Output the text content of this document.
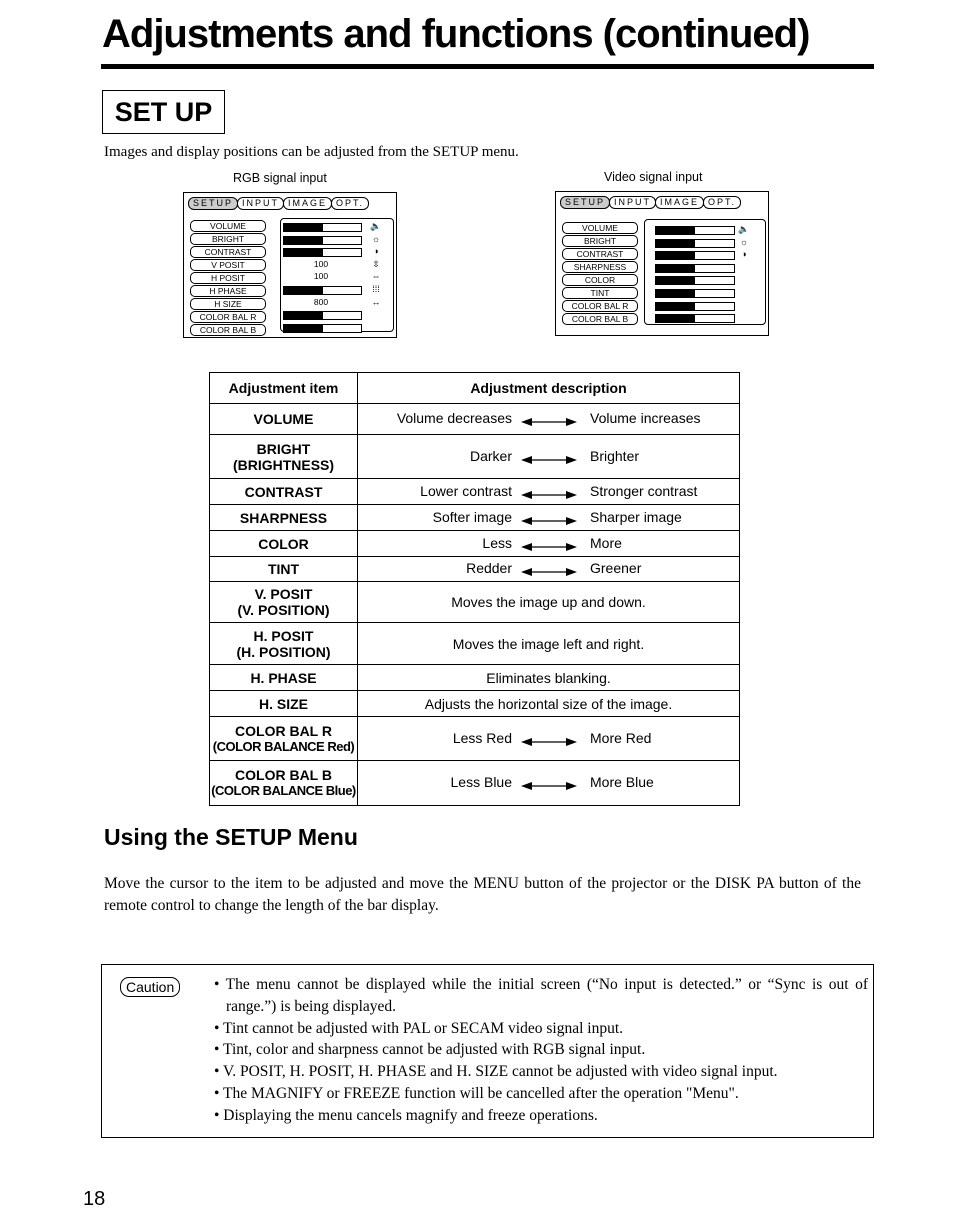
Adjustments and functions (continued)
SET UP
Images and display positions can be adjusted from the SETUP menu.
RGB signal input
SETUP	INPUT	IMAGE	OPT.
VOLUME
BRIGHT
CONTRAST
V POSIT
H POSIT
H PHASE
H SIZE
COLOR BAL R
COLOR BAL B
🔈
☼
◑
100	⇳
100	⇔
⁞⁞⁞
800	↔
Video signal input
SETUP	INPUT	IMAGE	OPT.
VOLUME
BRIGHT
CONTRAST
SHARPNESS
COLOR
TINT
COLOR BAL R
COLOR BAL B
🔈
☼
◑
Adjustment item	Adjustment description
VOLUME	Volume decreases Volume increases

BRIGHT
(BRIGHTNESS)	Darker Brighter

CONTRAST	Lower contrast Stronger contrast

SHARPNESS	Softer image Sharper image

COLOR	Less More

TINT	Redder Greener

V. POSIT
(V. POSITION)	Moves the image up and down.

H. POSIT
(H. POSITION)	Moves the image left and right.

H. PHASE	Eliminates blanking.

H. SIZE	Adjusts the horizontal size of the image.

COLOR BAL R
(COLOR BALANCE Red)	Less Red More Red

COLOR BAL B
(COLOR BALANCE Blue)	Less Blue More Blue
Using the SETUP Menu
Move the cursor to the item to be adjusted and move the MENU button of the projector or the DISK PA button of the remote control to change the length of the bar display.
Caution	• The menu cannot be displayed while the initial screen (“No input is detected.” or “Sync is out of range.”) is being displayed.
• Tint cannot be adjusted with PAL or SECAM video signal input.
• Tint, color and sharpness cannot be adjusted with RGB signal input.
• V. POSIT, H. POSIT, H. PHASE and H. SIZE cannot be adjusted with video signal input.
• The MAGNIFY or FREEZE function will be cancelled after the operation "Menu".
• Displaying the menu cancels magnify and freeze operations.
18
